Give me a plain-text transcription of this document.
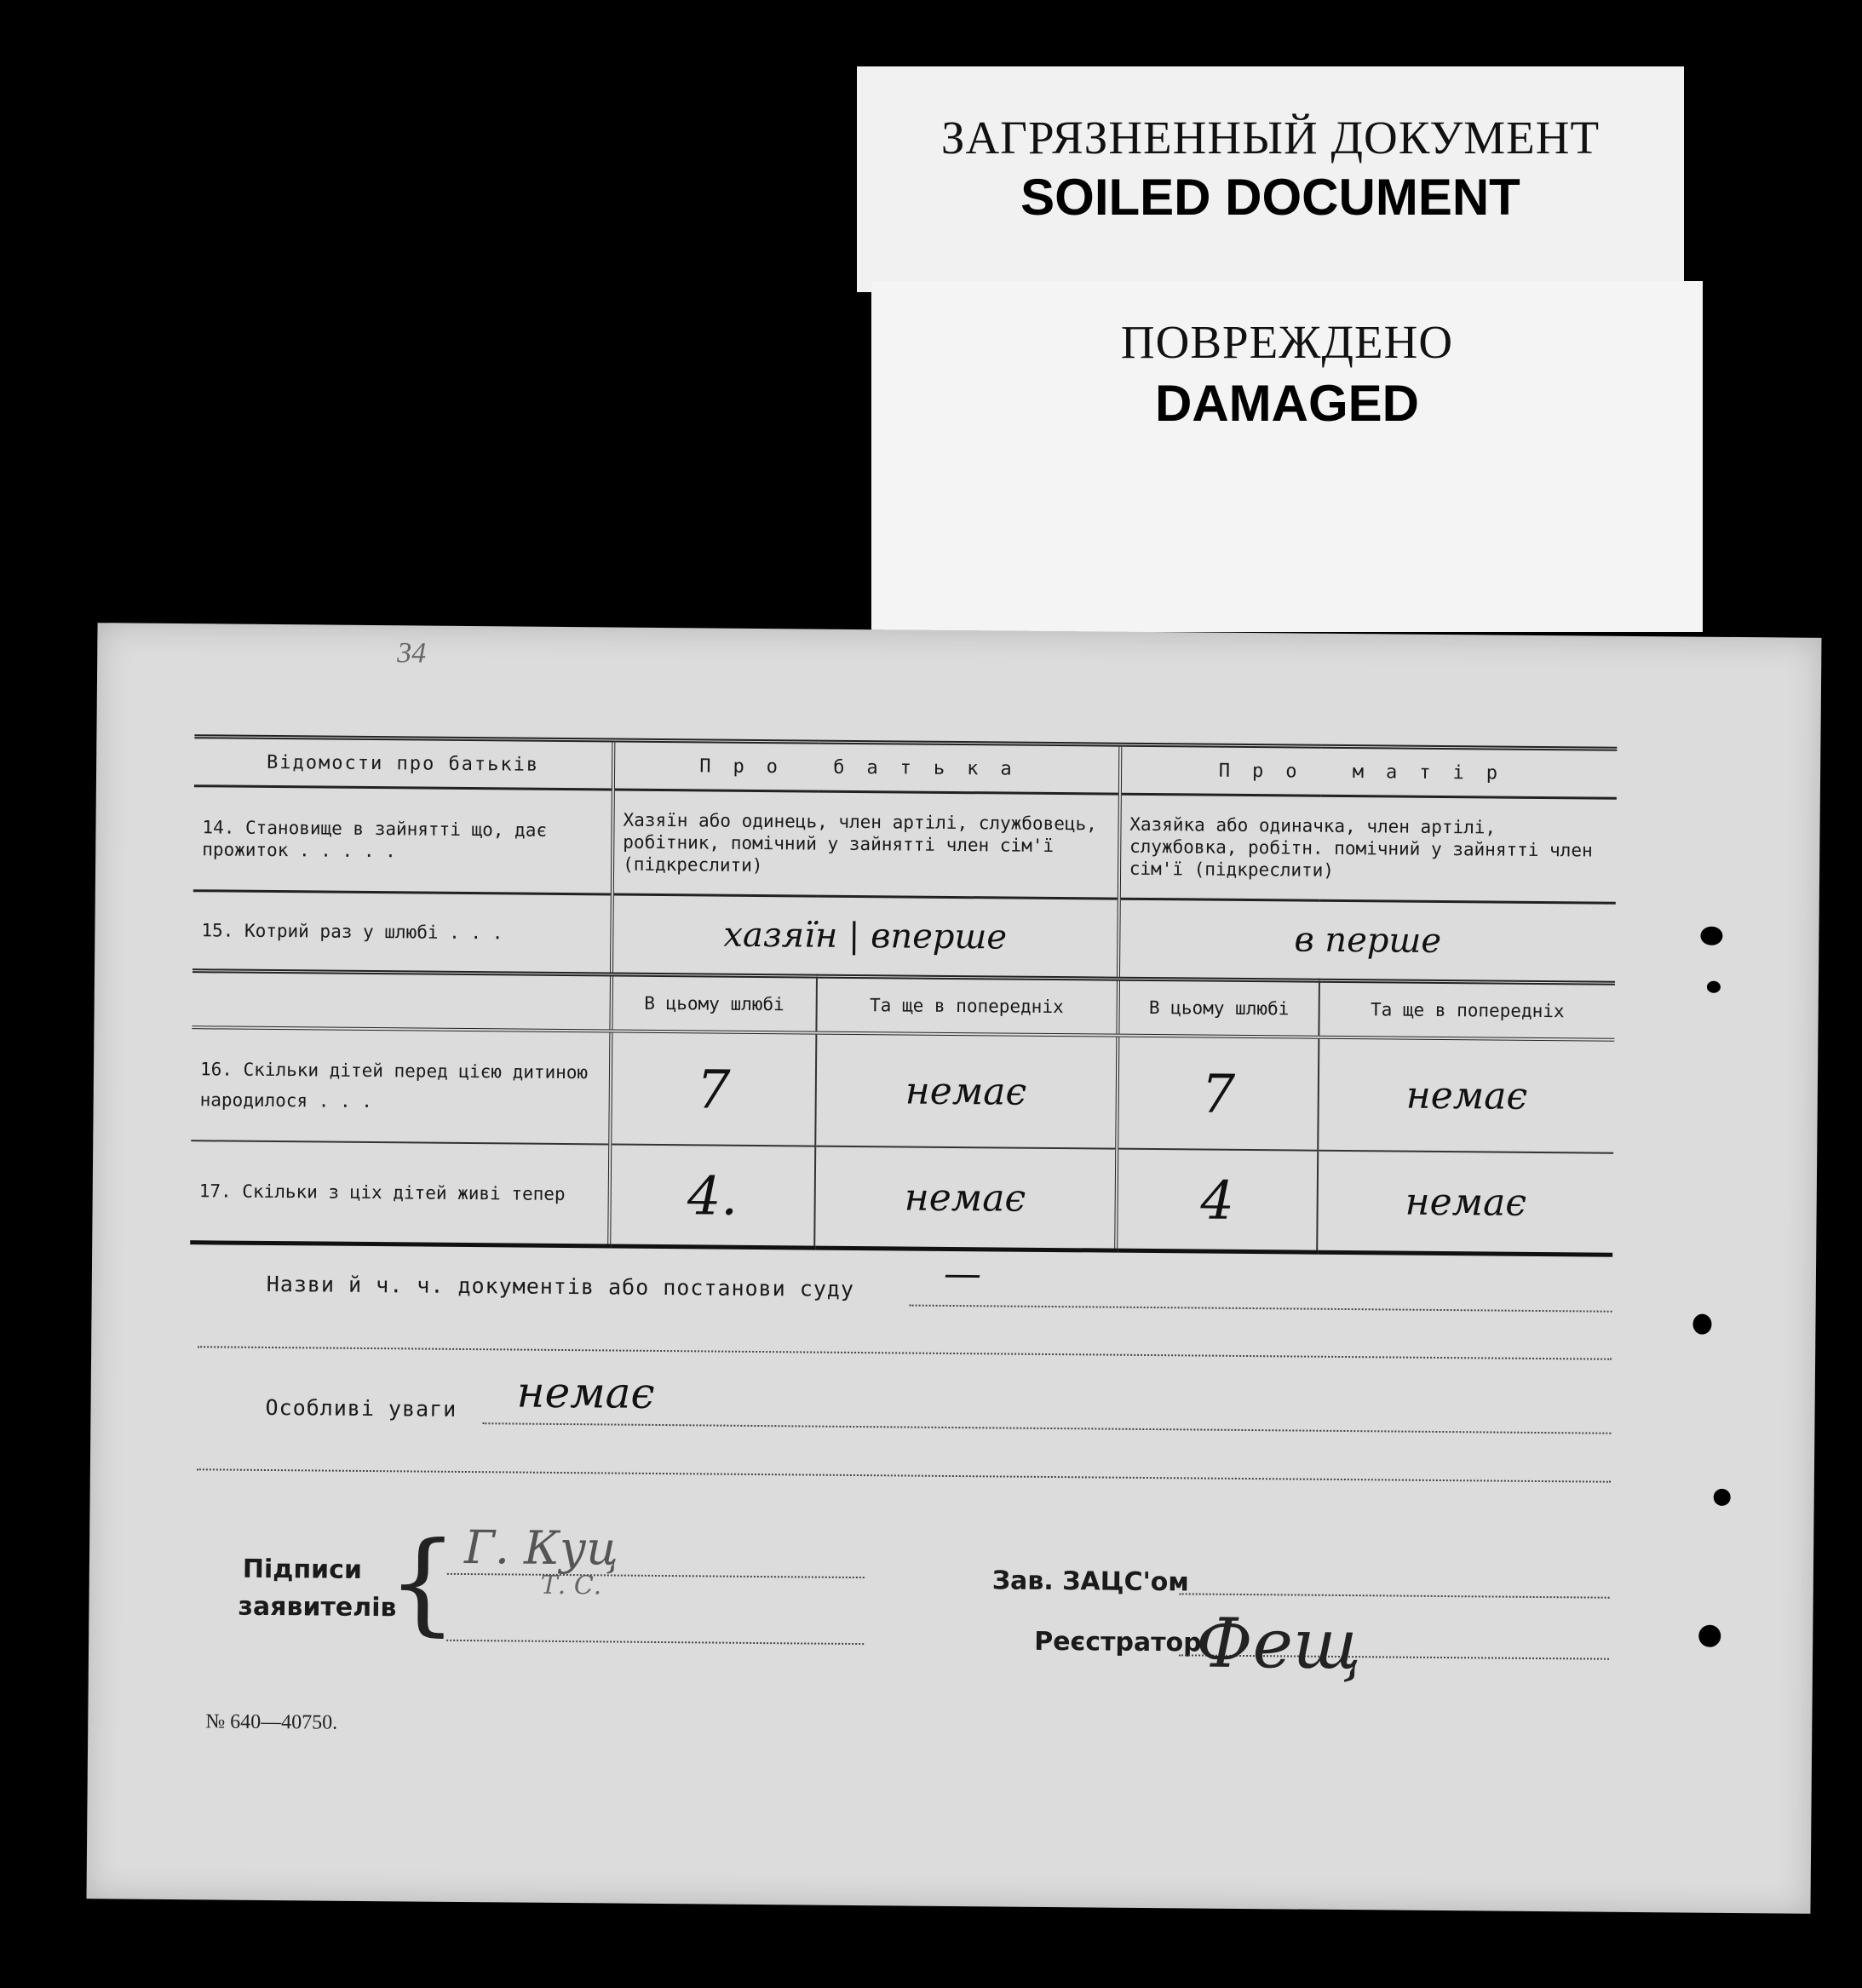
ЗАГРЯЗНЕННЫЙ ДОКУМЕНТ
SOILED DOCUMENT
ПОВРЕЖДЕНО
DAMAGED
34
Відомости про батьків	Про батька		Про матір	
14. Становище в зайнятті що, дає прожиток . . . . .	Хазяїн або одинець, член артілі, службовець, робітник, помічний у зайнятті член сім'ї (підкреслити)		Хазяйка або одиначка, член артілі, службовка, робітн. помічний у зайнятті член сім'ї (підкреслити)	
15. Котрий раз у шлюбі . . .	хазяїн | вперше		в перше	
	В цьому шлюбі	Та ще в попередніх	В цьому шлюбі	Та ще в попередніх
16. Скільки дітей перед цією дитиною народилося . . .	7	немає	7	немає
17. Скільки з ціх дітей живі тепер	4.	немає	4	немає
Назви й ч. ч. документів або постанови суду —
Особливі уваги немає
Підписи
заявителів
{ Г. Куц
Т. С.	Зав. ЗАЦС'ом
Реєстратор
Фещ
№ 640—40750.
